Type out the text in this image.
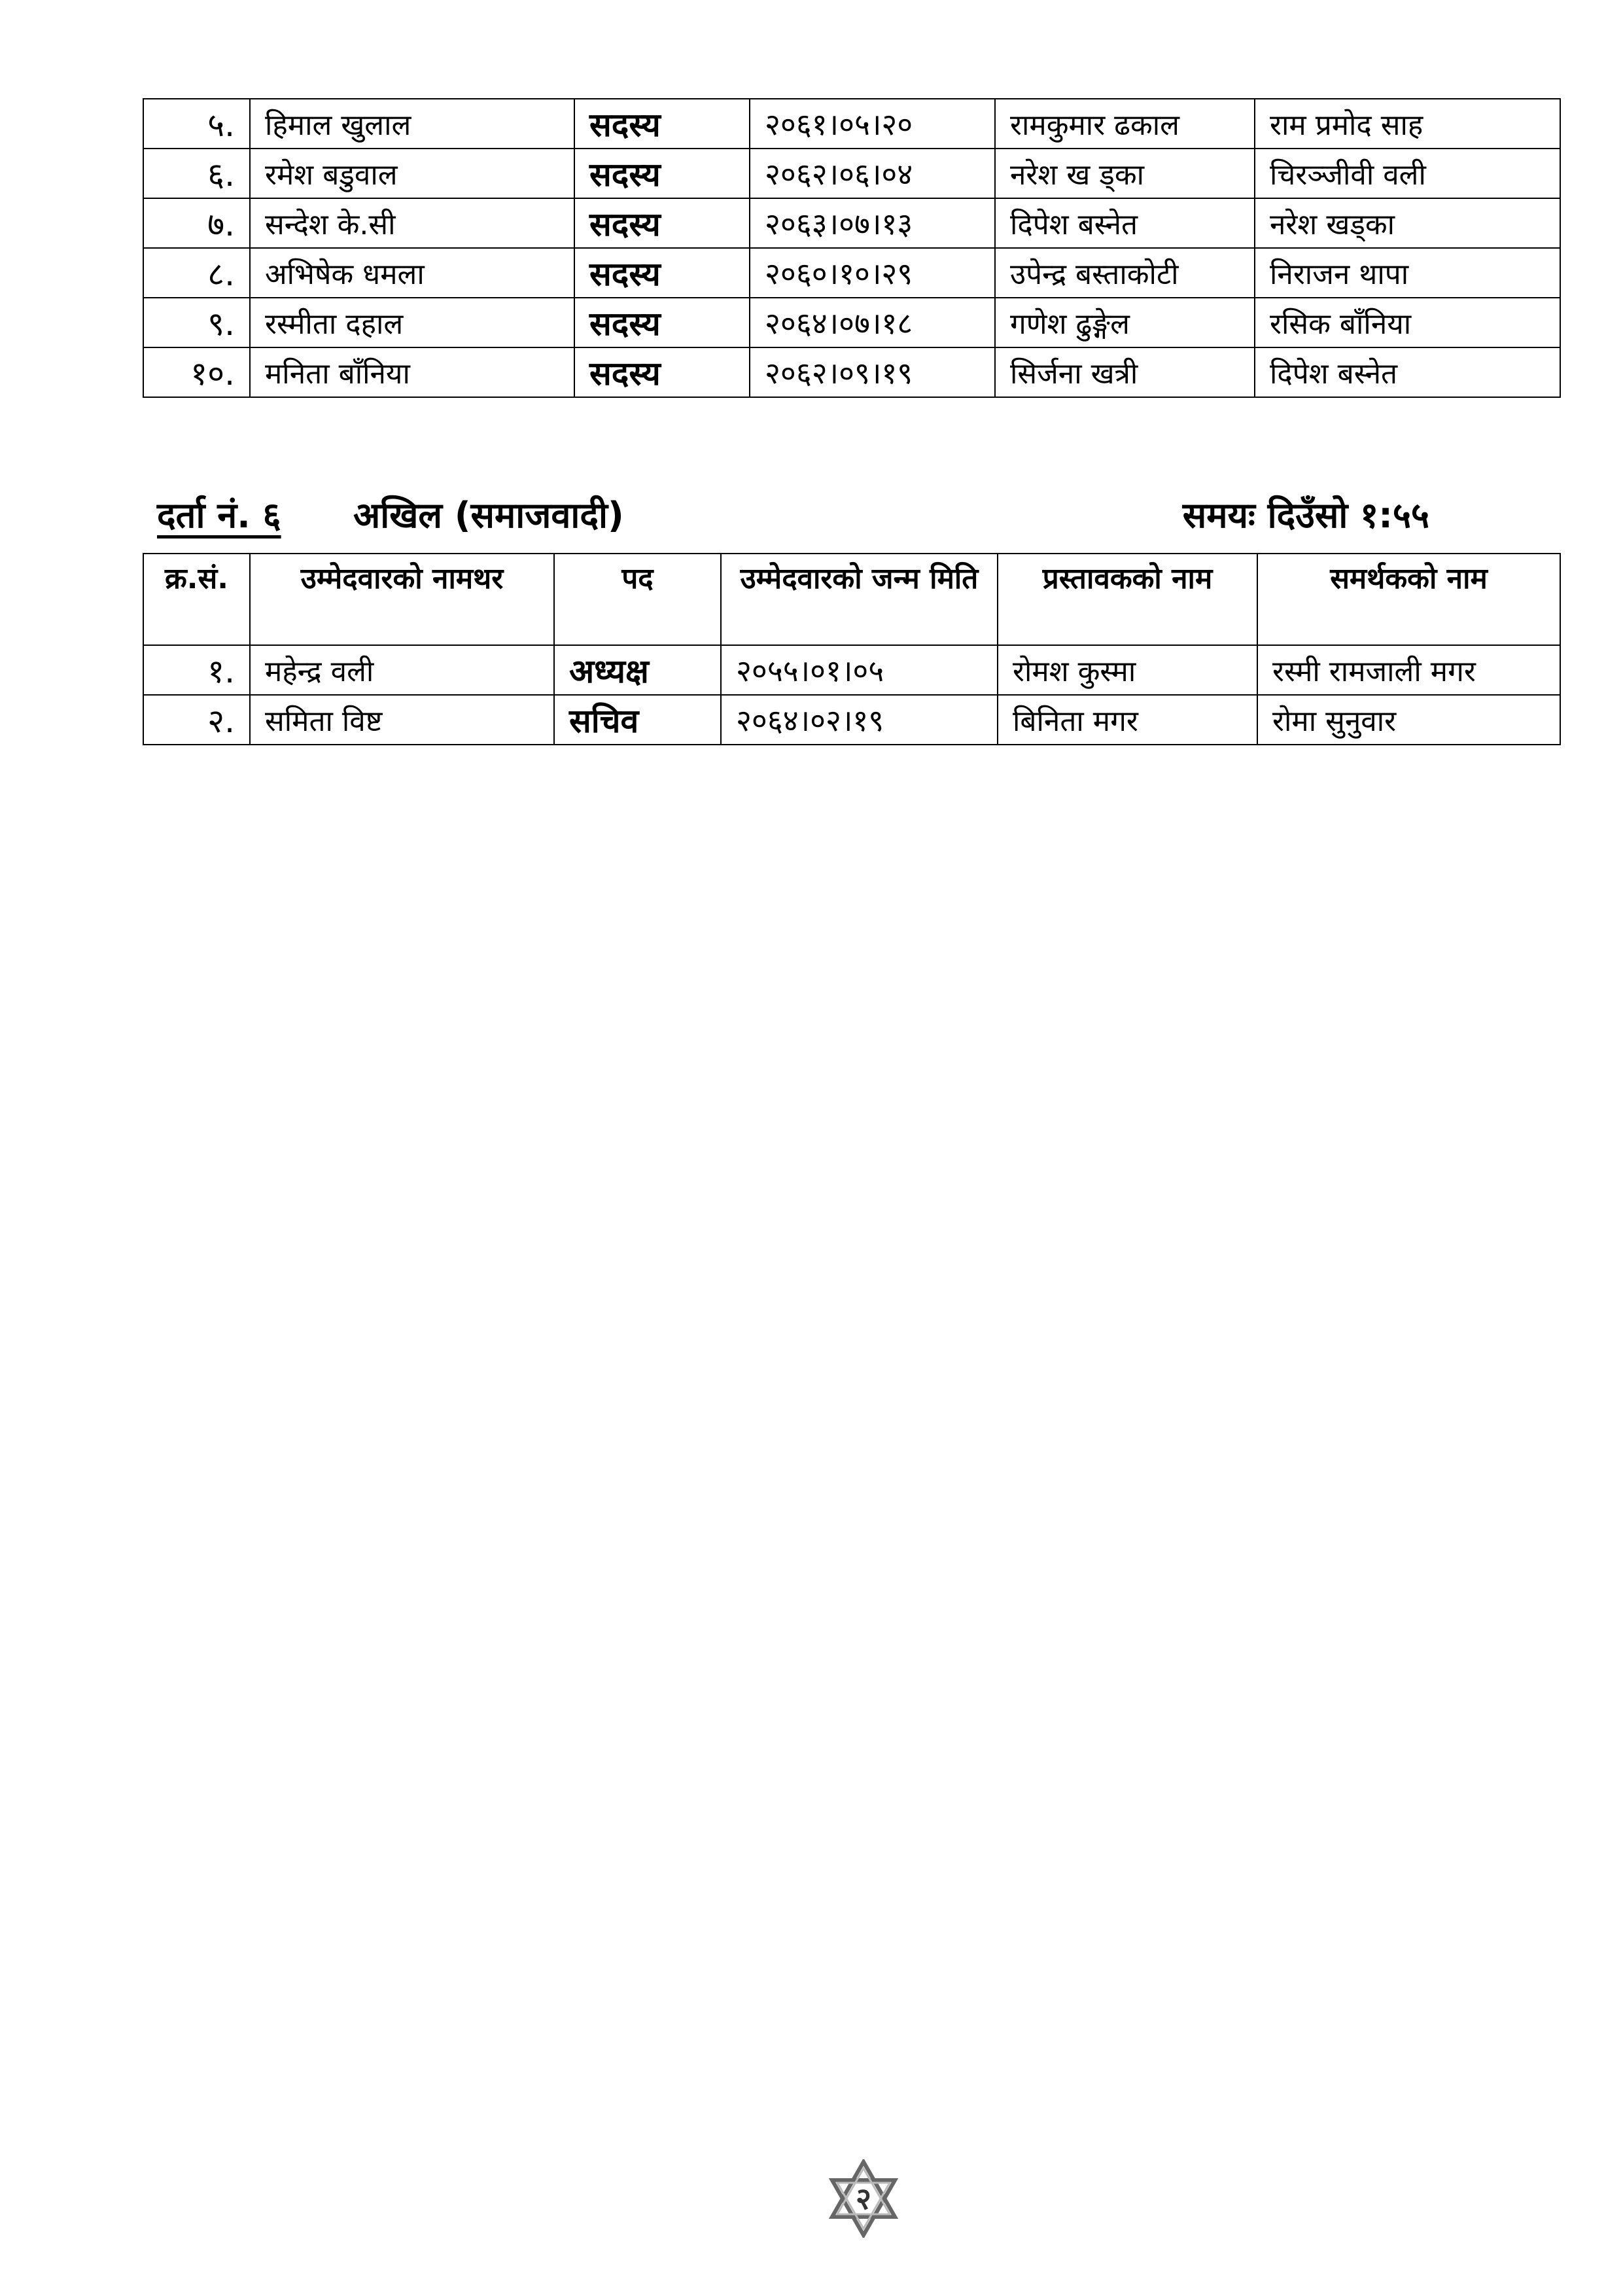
५.	हिमाल खुलाल	सदस्य	२०६१।०५।२०	रामकुमार ढकाल	राम प्रमोद साह
६.	रमेश बडुवाल	सदस्य	२०६२।०६।०४	नरेश ख ड्का	चिरञ्जीवी वली
७.	सन्देश के.सी	सदस्य	२०६३।०७।१३	दिपेश बस्नेत	नरेश खड्का
८.	अभिषेक धमला	सदस्य	२०६०।१०।२९	उपेन्द्र बस्ताकोटी	निराजन थापा
९.	रस्मीता दहाल	सदस्य	२०६४।०७।१८	गणेश ढुङ्गेल	रसिक बाँनिया
१०.	मनिता बाँनिया	सदस्य	२०६२।०९।१९	सिर्जना खत्री	दिपेश बस्नेत
दर्ता नं. ६ अखिल (समाजवादी)	समयः दिउँसो १:५५
क्र.सं.	उम्मेदवारको नामथर	पद	उम्मेदवारको जन्म मिति	प्रस्तावकको नाम	समर्थकको नाम
१.	महेन्द्र वली	अध्यक्ष	२०५५।०१।०५	रोमश कुस्मा	रस्मी रामजाली मगर
२.	समिता विष्ट	सचिव	२०६४।०२।१९	बिनिता मगर	रोमा सुनुवार
२
